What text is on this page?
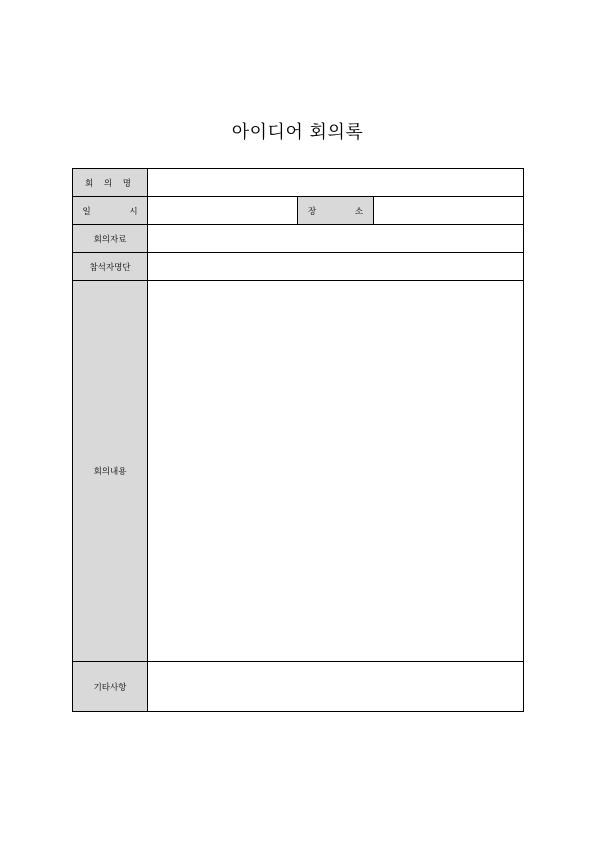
아이디어 회의록
회 의 명
일 시	장 소
회의자료
참석자명단
회의내용
기타사항
